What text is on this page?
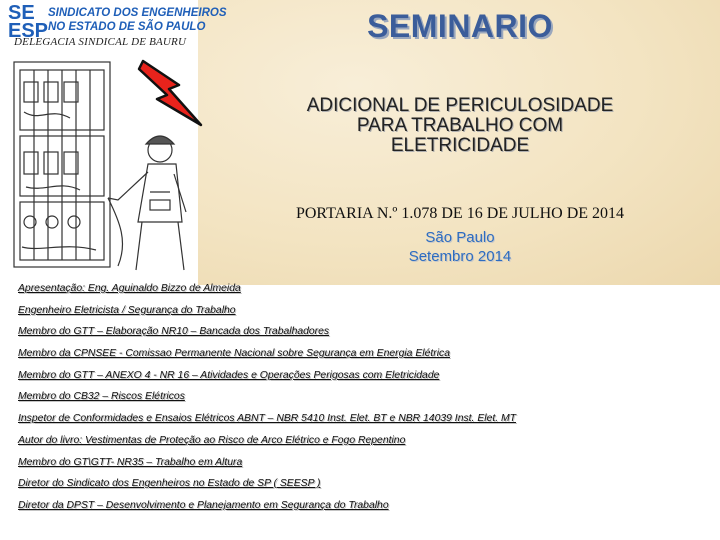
SE
ESP
SINDICATO DOS ENGENHEIROS
NO ESTADO DE SÃO PAULO
DELEGACIA SINDICAL DE BAURU	SEMINARIO
ADICIONAL DE PERICULOSIDADE
PARA TRABALHO COM
ELETRICIDADE
PORTARIA N.º 1.078 DE 16 DE JULHO DE 2014
São Paulo
Setembro 2014
Apresentação: Eng. Aguinaldo Bizzo de Almeida
Engenheiro Eletricista / Segurança do Trabalho
Membro do GTT – Elaboração NR10 – Bancada dos Trabalhadores
Membro da CPNSEE - Comissao Permanente Nacional sobre Segurança em Energia Elétrica
Membro do GTT – ANEXO 4 - NR 16 – Atividades e Operações Perigosas com Eletricidade
Membro do CB32 – Riscos Elétricos
Inspetor de Conformidades e Ensaios Elétricos ABNT – NBR 5410 Inst. Elet. BT e NBR 14039 Inst. Elet. MT
Autor do livro: Vestimentas de Proteção ao Risco de Arco Elétrico e Fogo Repentino
Membro do GT\GTT- NR35 – Trabalho em Altura
Diretor do Sindicato dos Engenheiros no Estado de SP ( SEESP )
Diretor da DPST – Desenvolvimento e Planejamento em Segurança do Trabalho
